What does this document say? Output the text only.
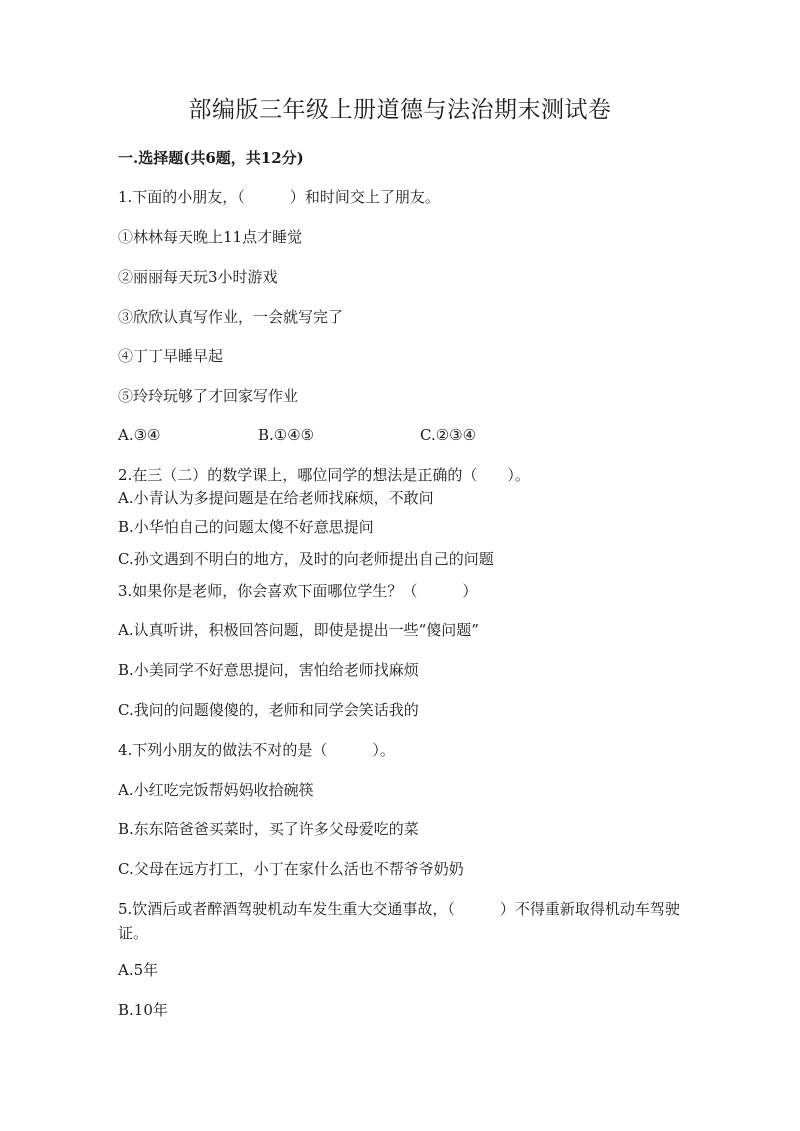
部编版三年级上册道德与法治期末测试卷
一.选择题(共6题，共12分)
1.下面的小朋友，（　　　）和时间交上了朋友。
①林林每天晚上11点才睡觉
②丽丽每天玩3小时游戏
③欣欣认真写作业，一会就写完了
④丁丁早睡早起
⑤玲玲玩够了才回家写作业
A.③④	B.①④⑤	C.②③④
2.在三（二）的数学课上，哪位同学的想法是正确的（　　）。
A.小青认为多提问题是在给老师找麻烦，不敢问
B.小华怕自己的问题太傻不好意思提问
C.孙文遇到不明白的地方，及时的向老师提出自己的问题
3.如果你是老师，你会喜欢下面哪位学生？（　　　）
A.认真听讲，积极回答问题，即使是提出一些“傻问题”
B.小美同学不好意思提问，害怕给老师找麻烦
C.我问的问题傻傻的，老师和同学会笑话我的
4.下列小朋友的做法不对的是（　　　）。
A.小红吃完饭帮妈妈收拾碗筷
B.东东陪爸爸买菜时，买了许多父母爱吃的菜
C.父母在远方打工，小丁在家什么活也不帮爷爷奶奶
5.饮酒后或者醉酒驾驶机动车发生重大交通事故，（　　　）不得重新取得机动车驾驶证。
A.5年
B.10年
